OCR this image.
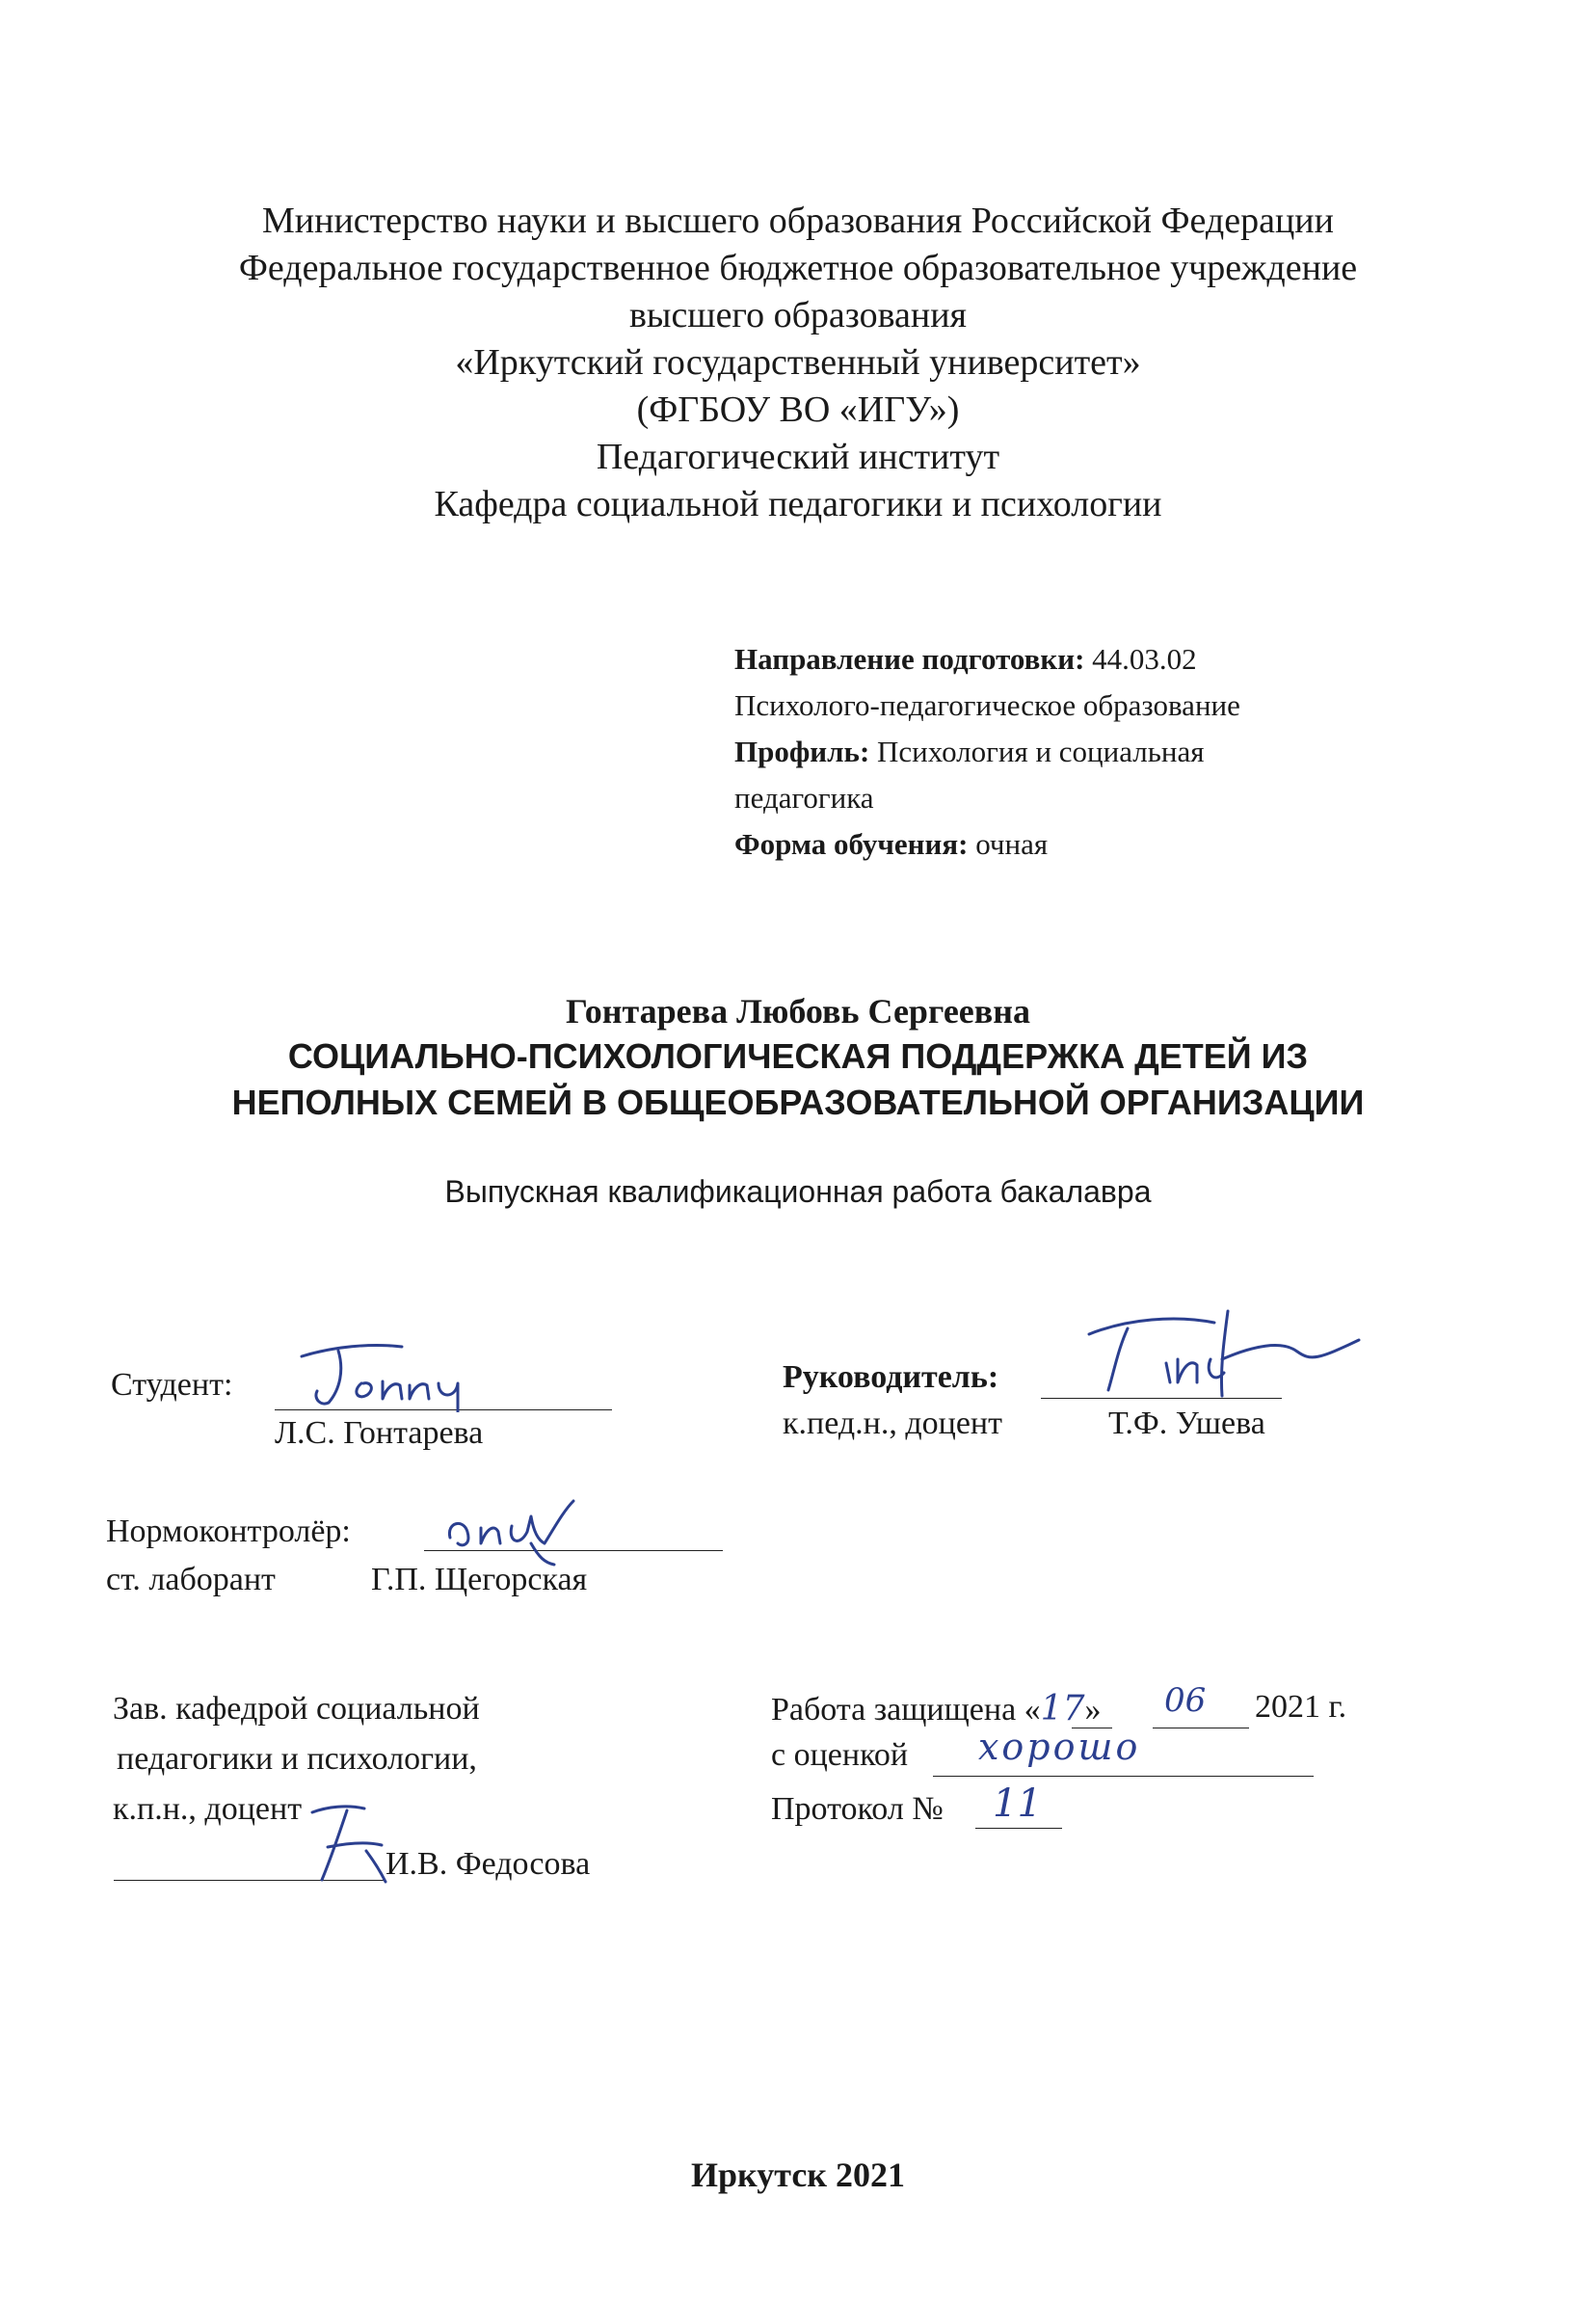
Министерство науки и высшего образования Российской Федерации
Федеральное государственное бюджетное образовательное учреждение
высшего образования
«Иркутский государственный университет»
(ФГБОУ ВО «ИГУ»)
Педагогический институт
Кафедра социальной педагогики и психологии
Направление подготовки: 44.03.02
Психолого-педагогическое образование
Профиль: Психология и социальная
педагогика
Форма обучения: очная
Гонтарева Любовь Сергеевна
СОЦИАЛЬНО-ПСИХОЛОГИЧЕСКАЯ ПОДДЕРЖКА ДЕТЕЙ ИЗ
НЕПОЛНЫХ СЕМЕЙ В ОБЩЕОБРАЗОВАТЕЛЬНОЙ ОРГАНИЗАЦИИ
Выпускная квалификационная работа бакалавра
Студент:
Л.С. Гонтарева
Руководитель:
к.пед.н., доцент	Т.Ф. Ушева
Нормоконтролёр:
ст. лаборант	Г.П. Щегорская
Зав. кафедрой социальной
педагогики и психологии,
к.п.н., доцент
И.В. Федосова
Работа защищена «17» 06 2021 г.
с оценкой хорошо
Протокол № 11
Иркутск 2021
